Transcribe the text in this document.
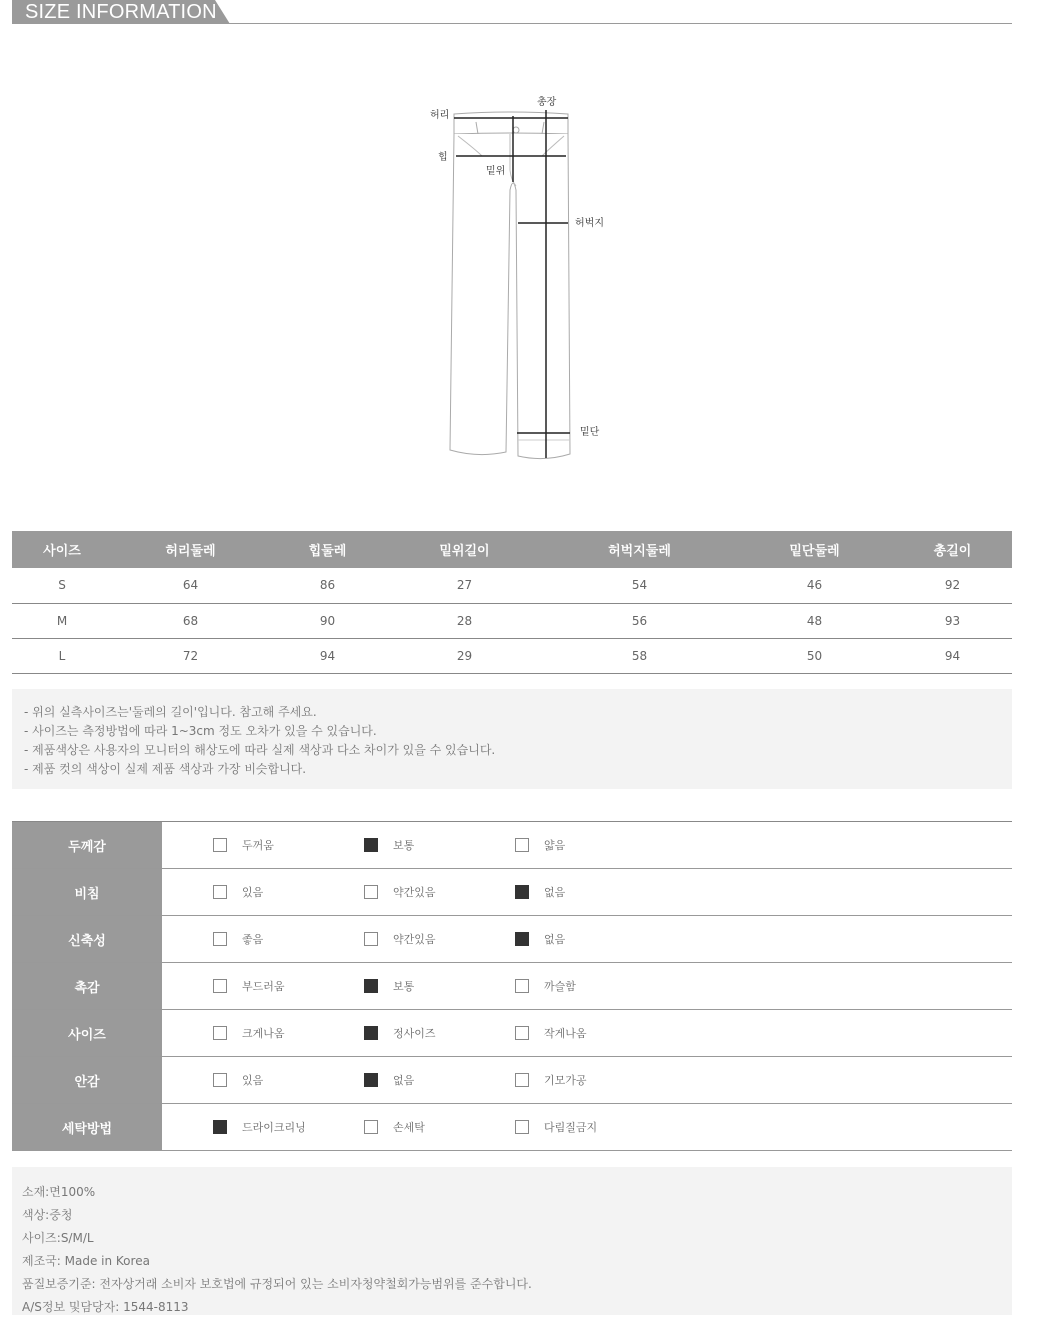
SIZE INFORMATION
허리
총장
힙
밑위
허벅지
밑단
사이즈	허리둘레	힙둘레	밑위길이	허벅지둘레	밑단둘레	총길이
S	64	86	27	54	46	92
M	68	90	28	56	48	93
L	72	94	29	58	50	94

- 위의 실측사이즈는'둘레의 길이'입니다. 참고해 주세요.

- 사이즈는 측정방법에 따라 1~3cm 정도 오차가 있을 수 있습니다.

- 제품색상은 사용자의 모니터의 해상도에 따라 실제 색상과 다소 차이가 있을 수 있습니다.

- 제품 컷의 색상이 실제 제품 색상과 가장 비슷합니다.

두께감	두꺼움	보통	얇음
비침	있음	약간있음	없음
신축성	좋음	약간있음	없음
촉감	부드러움	보통	까슬함
사이즈	크게나옴	정사이즈	작게나옴
안감	있음	없음	기모가공
세탁방법	드라이크리닝	손세탁	다림질금지

소재:면100%

색상:중청

사이즈:S/M/L

제조국: Made in Korea

품질보증기준: 전자상거래 소비자 보호법에 규정되어 있는 소비자청약철회가능범위를 준수합니다.

A/S정보 및담당자: 1544-8113
